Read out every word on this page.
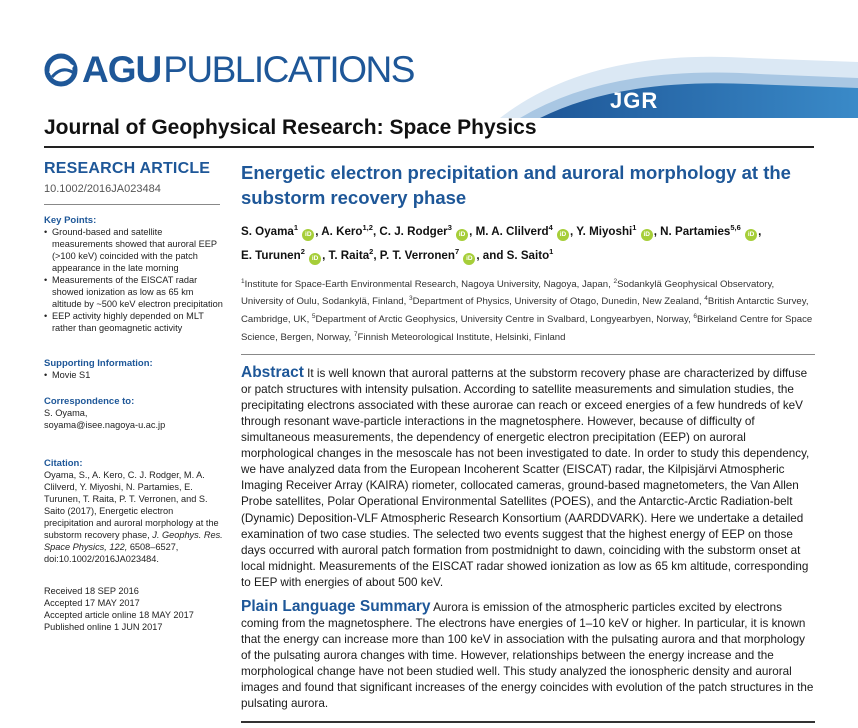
AGU PUBLICATIONS
JGR
Journal of Geophysical Research: Space Physics
RESEARCH ARTICLE
10.1002/2016JA023484
Key Points:
• Ground-based and satellite measurements showed that auroral EEP (>100 keV) coincided with the patch appearance in the late morning
• Measurements of the EISCAT radar showed ionization as low as 65 km altitude by ~500 keV electron precipitation
• EEP activity highly depended on MLT rather than geomagnetic activity
Supporting Information:
• Movie S1
Correspondence to:
S. Oyama,
soyama@isee.nagoya-u.ac.jp
Citation:
Oyama, S., A. Kero, C. J. Rodger, M. A. Clilverd, Y. Miyoshi, N. Partamies, E. Turunen, T. Raita, P. T. Verronen, and S. Saito (2017), Energetic electron precipitation and auroral morphology at the substorm recovery phase, J. Geophys. Res. Space Physics, 122, 6508–6527, doi:10.1002/2016JA023484.
Received 18 SEP 2016
Accepted 17 MAY 2017
Accepted article online 18 MAY 2017
Published online 1 JUN 2017
Energetic electron precipitation and auroral morphology at the substorm recovery phase
S. Oyama$^1$ iD , A. Kero$^{1,2}$, C. J. Rodger$^3$ iD , M. A. Clilverd$^4$ iD , Y. Miyoshi$^1$ iD , N. Partamies$^{5,6}$ iD ,
E. Turunen$^2$ iD , T. Raita$^2$, P. T. Verronen$^7$ iD , and S. Saito$^1$
$^1$Institute for Space-Earth Environmental Research, Nagoya University, Nagoya, Japan, $^2$Sodankylä Geophysical Observatory, University of Oulu, Sodankylä, Finland, $^3$Department of Physics, University of Otago, Dunedin, New Zealand, $^4$British Antarctic Survey, Cambridge, UK, $^5$Department of Arctic Geophysics, University Centre in Svalbard, Longyearbyen, Norway, $^6$Birkeland Centre for Space Science, Bergen, Norway, $^7$Finnish Meteorological Institute, Helsinki, Finland

Abstract It is well known that auroral patterns at the substorm recovery phase are characterized by diffuse or patch structures with intensity pulsation. According to satellite measurements and simulation studies, the precipitating electrons associated with these aurorae can reach or exceed energies of a few hundreds of keV through resonant wave-particle interactions in the magnetosphere. However, because of difficulty of simultaneous measurements, the dependency of energetic electron precipitation (EEP) on auroral morphological changes in the mesoscale has not been investigated to date. In order to study this dependency, we have analyzed data from the European Incoherent Scatter (EISCAT) radar, the Kilpisjärvi Atmospheric Imaging Receiver Array (KAIRA) riometer, collocated cameras, ground-based magnetometers, the Van Allen Probe satellites, Polar Operational Environmental Satellites (POES), and the Antarctic-Arctic Radiation-belt (Dynamic) Deposition-VLF Atmospheric Research Konsortium (AARDDVARK). Here we undertake a detailed examination of two case studies. The selected two events suggest that the highest energy of EEP on those days occurred with auroral patch formation from postmidnight to dawn, coinciding with the substorm onset at local midnight. Measurements of the EISCAT radar showed ionization as low as 65 km altitude, corresponding to EEP with energies of about 500 keV.

Plain Language Summary Aurora is emission of the atmospheric particles excited by electrons coming from the magnetosphere. The electrons have energies of 1–10 keV or higher. In particular, it is known that the energy can increase more than 100 keV in association with the pulsating aurora and that morphology of the pulsating aurora changes with time. However, relationships between the energy increase and the morphological change have not been studied well. This study analyzed the ionospheric density and auroral images and found that significant increases of the energy coincides with evolution of the patch structures in the pulsating aurora.
